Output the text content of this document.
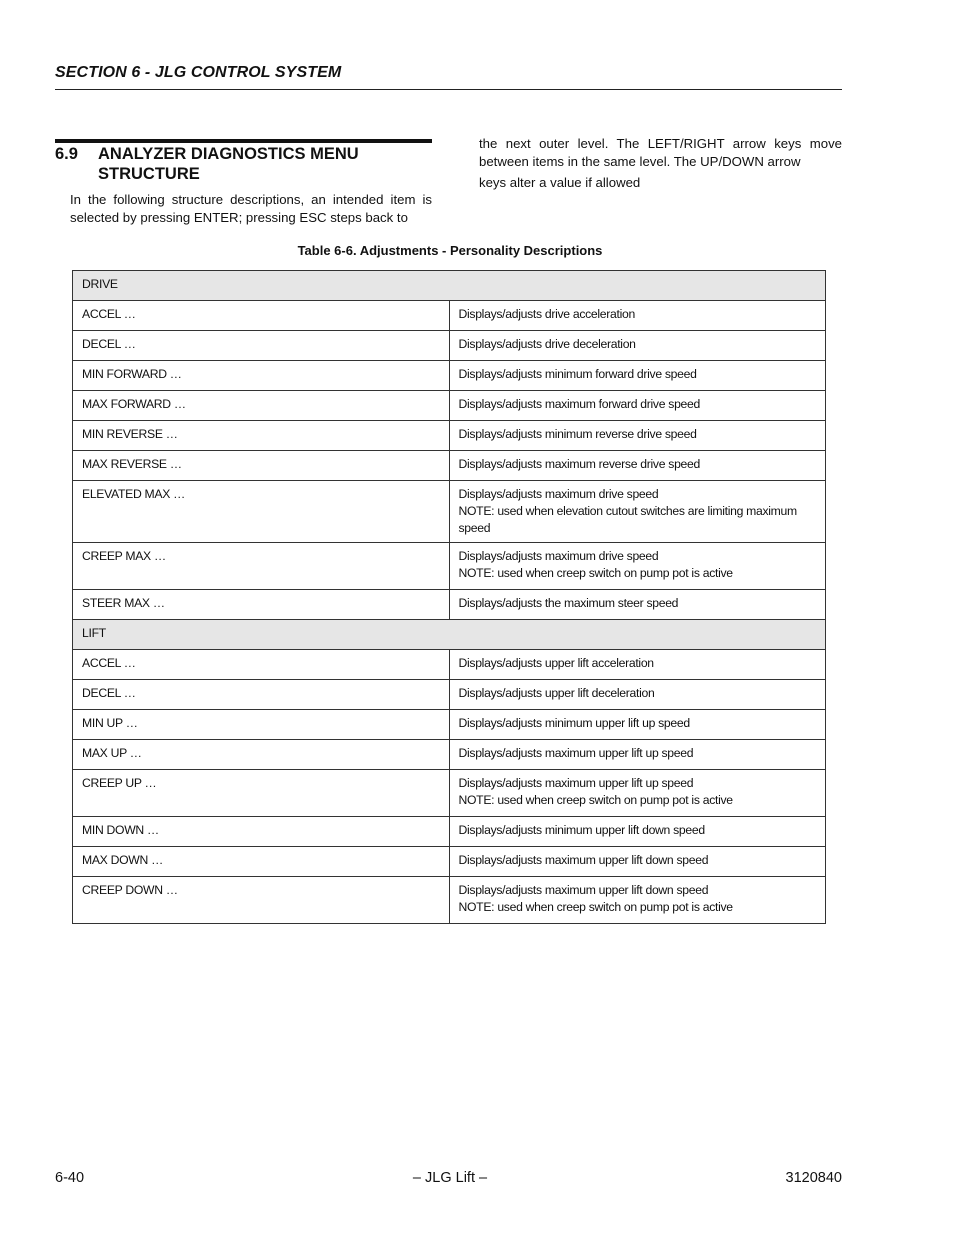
SECTION 6 - JLG CONTROL SYSTEM
6.9 ANALYZER DIAGNOSTICS MENU STRUCTURE
In the following structure descriptions, an intended item is selected by pressing ENTER; pressing ESC steps back to
the next outer level. The LEFT/RIGHT arrow keys move between items in the same level. The UP/DOWN arrow
keys alter a value if allowed
Table 6-6. Adjustments - Personality Descriptions
DRIVE	
ACCEL …	Displays/adjusts drive acceleration

DECEL …	Displays/adjusts drive deceleration

MIN FORWARD …	Displays/adjusts minimum forward drive speed

MAX FORWARD …	Displays/adjusts maximum forward drive speed

MIN REVERSE …	Displays/adjusts minimum reverse drive speed

MAX REVERSE …	Displays/adjusts maximum reverse drive speed

ELEVATED MAX …	Displays/adjusts maximum drive speed
NOTE: used when elevation cutout switches are limiting maximum speed

CREEP MAX …	Displays/adjusts maximum drive speed
NOTE: used when creep switch on pump pot is active

STEER MAX …	Displays/adjusts the maximum steer speed

LIFT	
ACCEL …	Displays/adjusts upper lift acceleration

DECEL …	Displays/adjusts upper lift deceleration

MIN UP …	Displays/adjusts minimum upper lift up speed

MAX UP …	Displays/adjusts maximum upper lift up speed

CREEP UP …	Displays/adjusts maximum upper lift up speed
NOTE: used when creep switch on pump pot is active

MIN DOWN …	Displays/adjusts minimum upper lift down speed

MAX DOWN …	Displays/adjusts maximum upper lift down speed

CREEP DOWN …	Displays/adjusts maximum upper lift down speed
NOTE: used when creep switch on pump pot is active
6-40	– JLG Lift –	3120840
